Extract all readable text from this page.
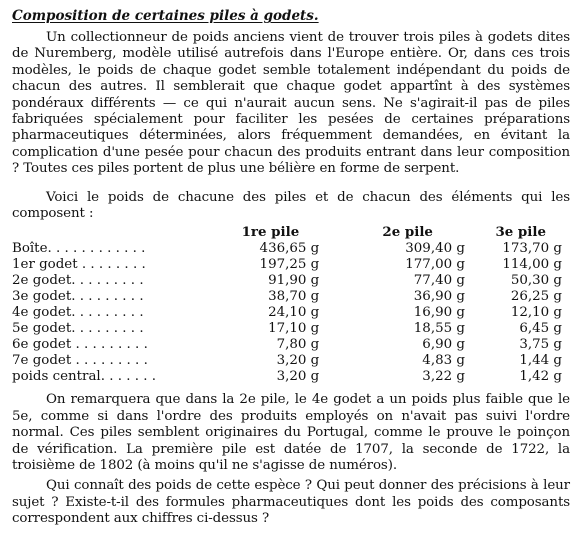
Composition de certaines piles à godets.

Un collectionneur de poids anciens vient de trouver trois piles à godets dites de Nuremberg, modèle utilisé autrefois dans l'Europe entière. Or, dans ces trois modèles, le poids de chaque godet semble totalement indépendant du poids de chacun des autres. Il semblerait que chaque godet appartînt à des systèmes pondéraux différents — ce qui n'aurait aucun sens. Ne s'agirait-il pas de piles fabriquées spécialement pour faciliter les pesées de certaines préparations pharmaceutiques déterminées, alors fréquemment demandées, en évitant la complication d'une pesée pour chacun des produits entrant dans leur composition ? Toutes ces piles portent de plus une bélière en forme de serpent.

Voici le poids de chacune des piles et de chacun des éléments qui les composent :

	1re pile	2e pile	3e pile
Boîte. . . . . . . . . . . .	436,65 g	309,40 g	173,70 g
1er godet . . . . . . . .	197,25 g	177,00 g	114,00 g
2e godet. . . . . . . . .	91,90 g	77,40 g	50,30 g
3e godet. . . . . . . . .	38,70 g	36,90 g	26,25 g
4e godet. . . . . . . . .	24,10 g	16,90 g	12,10 g
5e godet. . . . . . . . .	17,10 g	18,55 g	6,45 g
6e godet . . . . . . . . .	7,80 g	6,90 g	3,75 g
7e godet . . . . . . . . .	3,20 g	4,83 g	1,44 g
poids central. . . . . . .	3,20 g	3,22 g	1,42 g

On remarquera que dans la 2e pile, le 4e godet a un poids plus faible que le 5e, comme si dans l'ordre des produits employés on n'avait pas suivi l'ordre normal. Ces piles semblent originaires du Portugal, comme le prouve le poinçon de vérification. La première pile est datée de 1707, la seconde de 1722, la troisième de 1802 (à moins qu'il ne s'agisse de numéros).

Qui connaît des poids de cette espèce ? Qui peut donner des précisions à leur sujet ? Existe-t-il des formules pharmaceutiques dont les poids des composants correspondent aux chiffres ci-dessus ?
